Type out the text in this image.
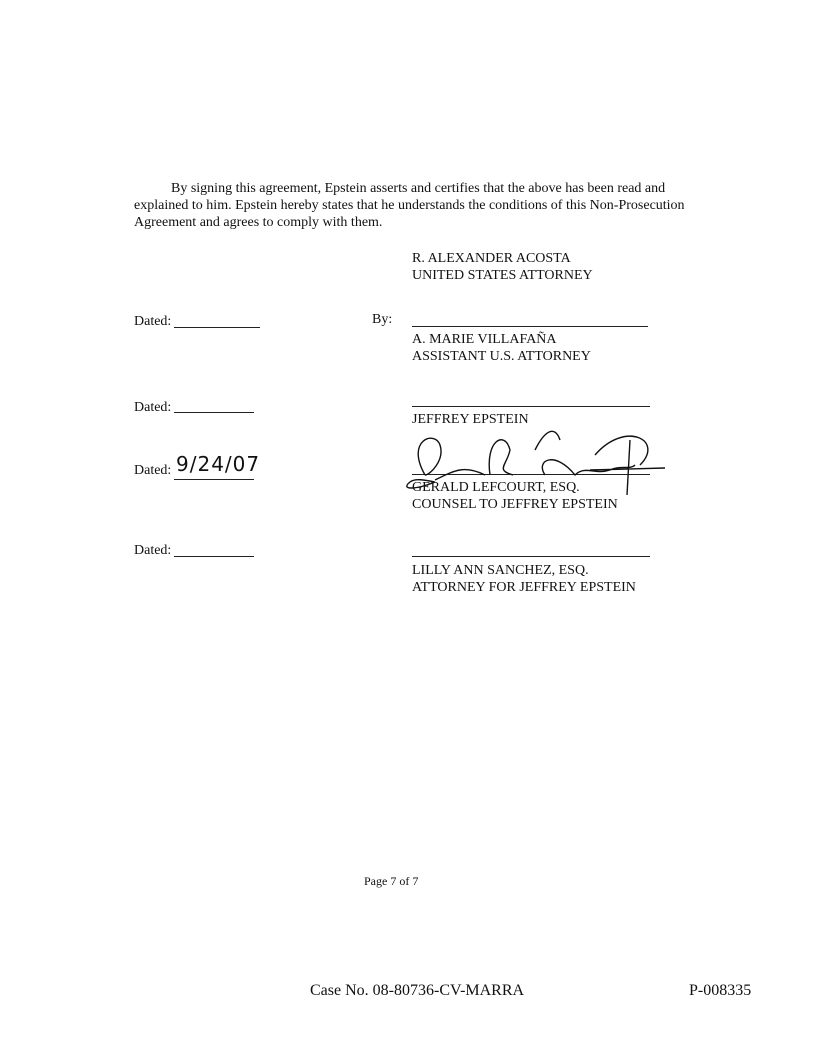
By signing this agreement, Epstein asserts and certifies that the above has been read and explained to him. Epstein hereby states that he understands the conditions of this Non-Prosecution Agreement and agrees to comply with them.

R. ALEXANDER ACOSTA
UNITED STATES ATTORNEY
Dated:	By:
A. MARIE VILLAFAÑA
ASSISTANT U.S. ATTORNEY
Dated:
JEFFREY EPSTEIN
Dated: 9/24/07
GERALD LEFCOURT, ESQ.
COUNSEL TO JEFFREY EPSTEIN
Dated:
LILLY ANN SANCHEZ, ESQ.
ATTORNEY FOR JEFFREY EPSTEIN
Page 7 of 7
Case No. 08-80736-CV-MARRA	P-008335
